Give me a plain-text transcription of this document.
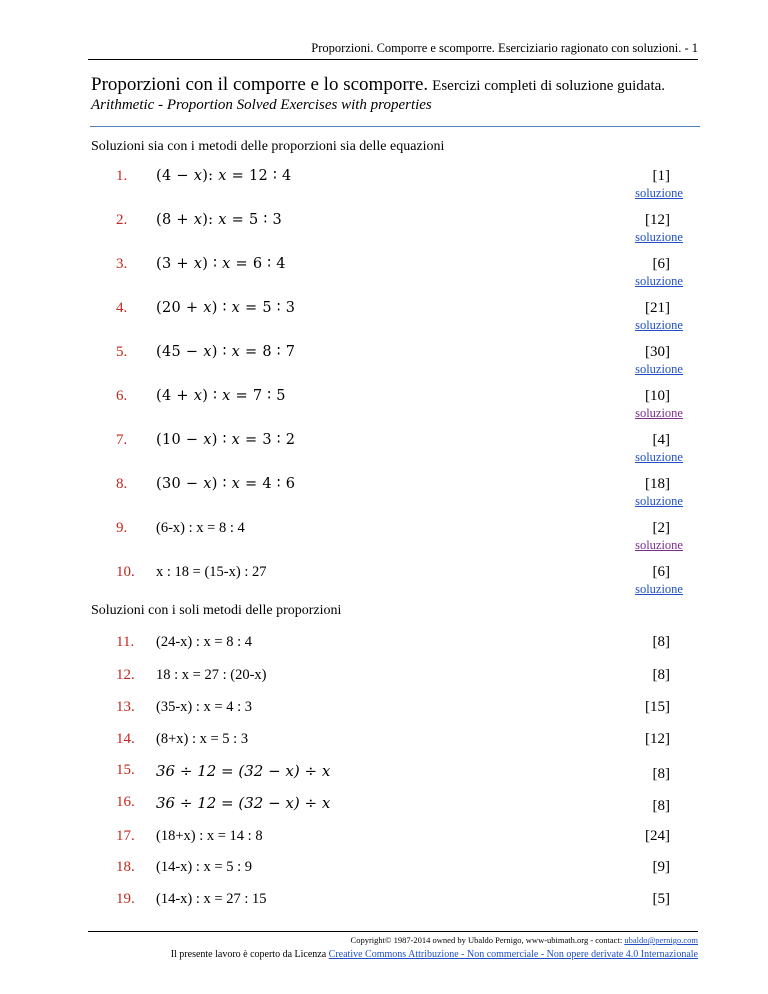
Proporzioni. Comporre e scomporre. Eserciziario ragionato con soluzioni. - 1
Proporzioni con il comporre e lo scomporre. Esercizi completi di soluzione guidata.
Arithmetic - Proportion Solved Exercises with properties
Soluzioni sia con i metodi delle proporzioni sia delle equazioni
1. (4 − 𝑥): 𝑥 = 12 ∶ 4	[1]
soluzione
2. (8 + 𝑥): 𝑥 = 5 ∶ 3	[12]
soluzione
3. (3 + 𝑥) ∶ 𝑥 = 6 ∶ 4	[6]
soluzione
4. (20 + 𝑥) ∶ 𝑥 = 5 ∶ 3	[21]
soluzione
5. (45 − 𝑥) ∶ 𝑥 = 8 ∶ 7	[30]
soluzione
6. (4 + 𝑥) ∶ 𝑥 = 7 ∶ 5	[10]
soluzione
7. (10 − 𝑥) ∶ 𝑥 = 3 ∶ 2	[4]
soluzione
8. (30 − 𝑥) ∶ 𝑥 = 4 ∶ 6	[18]
soluzione
9. (6-x) : x = 8 : 4	[2]
soluzione
10. x : 18 = (15-x) : 27	[6]
soluzione
Soluzioni con i soli metodi delle proporzioni
11. (24-x) : x = 8 : 4	[8]
12. 18 : x = 27 : (20-x)	[8]
13. (35-x) : x = 4 : 3	[15]
14. (8+x) : x = 5 : 3	[12]
15. 36 ÷ 12 = (32 − x) ÷ x	[8]
16. 36 ÷ 12 = (32 − x) ÷ x	[8]
17. (18+x) : x = 14 : 8	[24]
18. (14-x) : x = 5 : 9	[9]
19. (14-x) : x = 27 : 15	[5]
Copyright© 1987-2014 owned by Ubaldo Pernigo, www-ubimath.org - contact: ubaldo@pernigo.com
Il presente lavoro è coperto da Licenza Creative Commons Attribuzione - Non commerciale - Non opere derivate 4.0 Internazionale
